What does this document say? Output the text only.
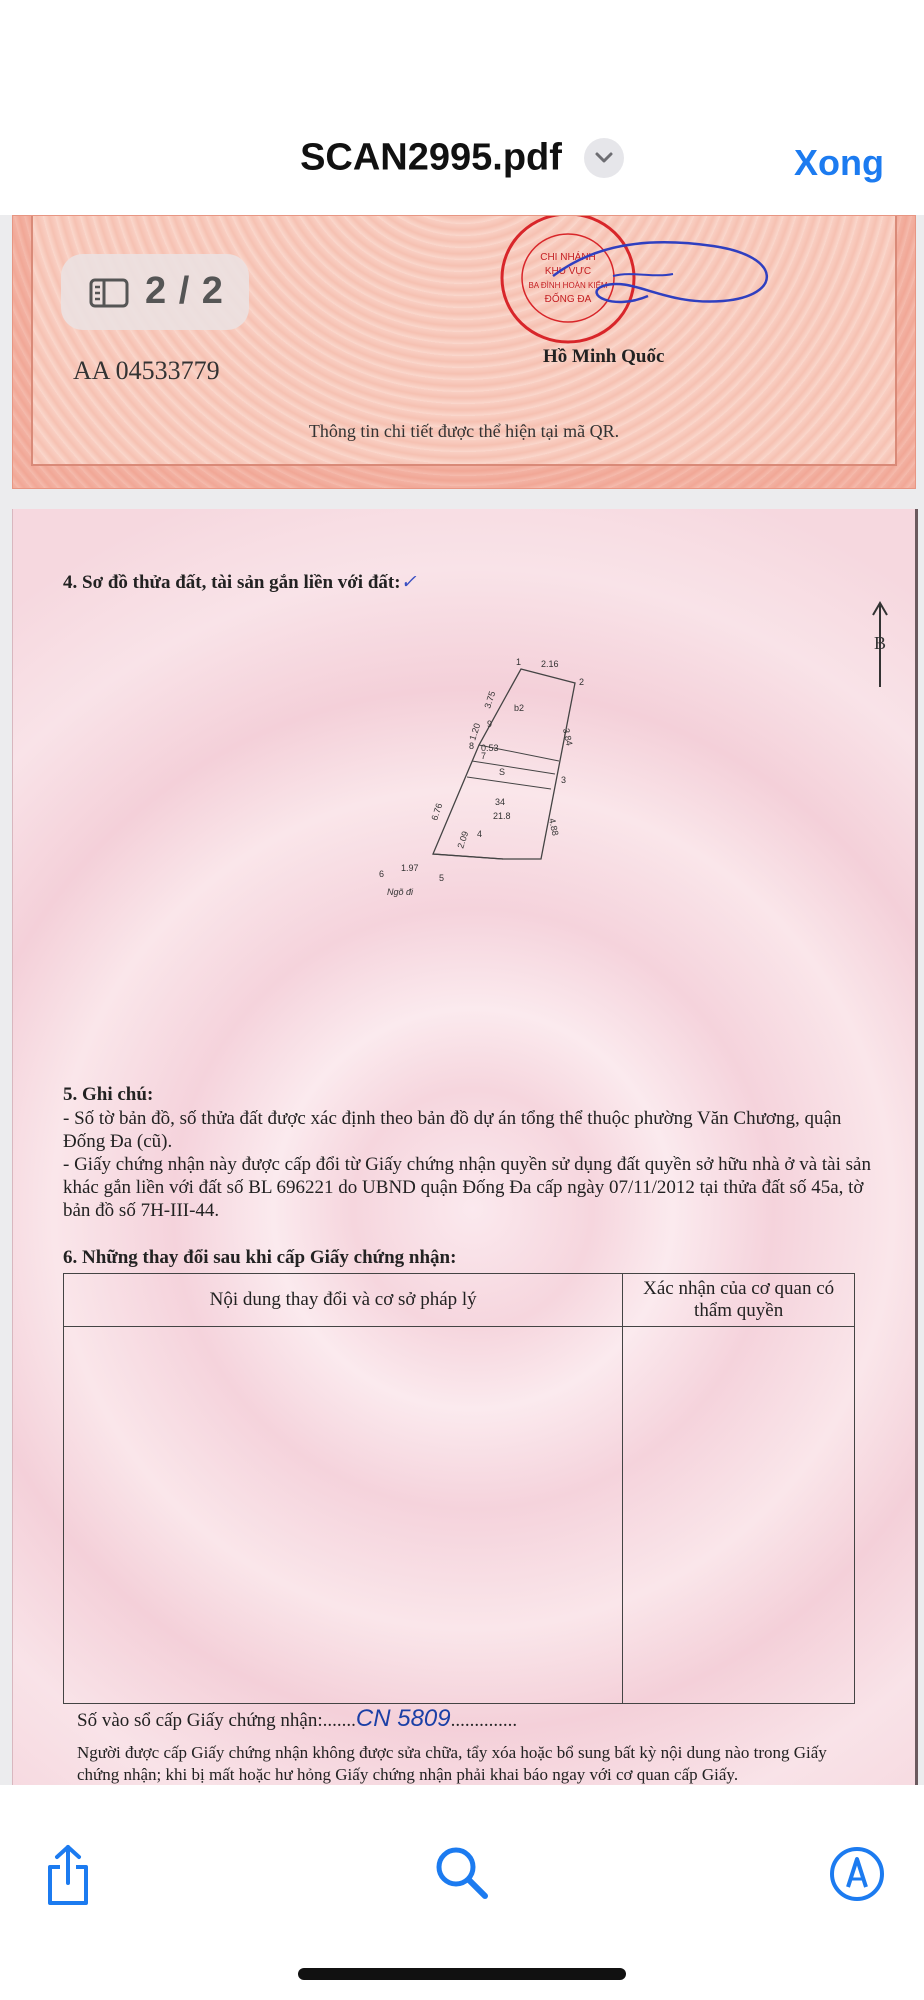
SCAN2995.pdf	Xong
CHI NHÁNH
KHU VỰC
BA ĐÌNH HOÀN KIẾM
ĐỐNG ĐA
2 / 2
AA 04533779	Hồ Minh Quốc
Thông tin chi tiết được thể hiện tại mã QR.
4. Sơ đồ thửa đất, tài sản gắn liền với đất:✓
B
1
2
3
4
5
6
7
8
9
2.16
3.75
3.84
1.20
0.53
4.88
6.76
2.09
1.97
b2
S
34
21.8
Ngõ đi
5. Ghi chú:
- Số tờ bản đồ, số thửa đất được xác định theo bản đồ dự án tổng thể thuộc phường Văn Chương, quận Đống Đa (cũ).
- Giấy chứng nhận này được cấp đổi từ Giấy chứng nhận quyền sử dụng đất quyền sở hữu nhà ở và tài sản khác gắn liền với đất số BL 696221 do UBND quận Đống Đa cấp ngày 07/11/2012 tại thửa đất số 45a, tờ bản đồ số 7H-III-44.
6. Những thay đổi sau khi cấp Giấy chứng nhận:
Nội dung thay đổi và cơ sở pháp lý	Xác nhận của cơ quan có thẩm quyền

Số vào sổ cấp Giấy chứng nhận:.......CN 5809..............
Người được cấp Giấy chứng nhận không được sửa chữa, tẩy xóa hoặc bổ sung bất kỳ nội dung nào trong Giấy chứng nhận; khi bị mất hoặc hư hỏng Giấy chứng nhận phải khai báo ngay với cơ quan cấp Giấy.
